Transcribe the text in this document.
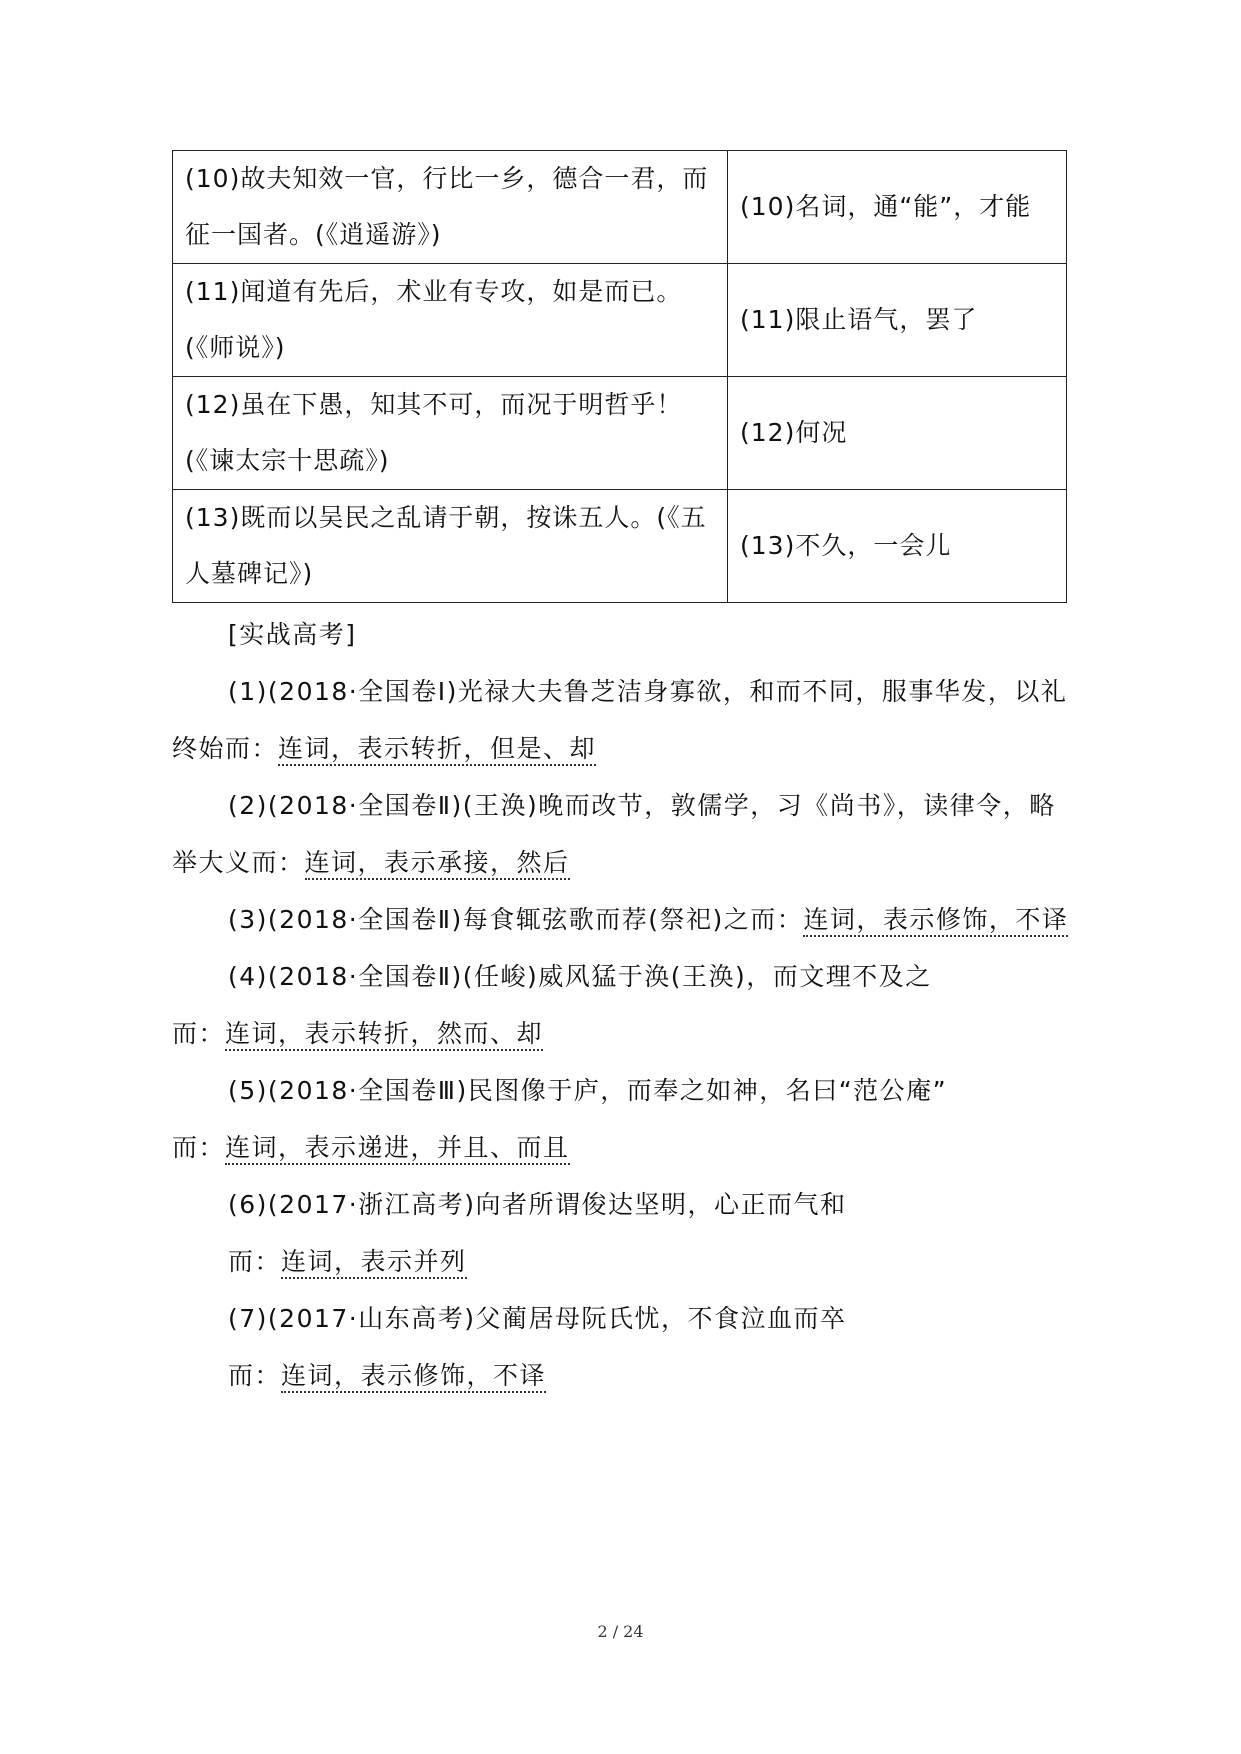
(10)故夫知效一官，行比一乡，德合一君，而征一国者。(《逍遥游》)	(10)名词，通“能”，才能
(11)闻道有先后，术业有专攻，如是而已。(《师说》)	(11)限止语气，罢了
(12)虽在下愚，知其不可，而况于明哲乎！(《谏太宗十思疏》)	(12)何况
(13)既而以吴民之乱请于朝，按诛五人。(《五人墓碑记》)	(13)不久，一会儿

[实战高考]

(1)(2018·全国卷Ⅰ)光禄大夫鲁芝洁身寡欲，和而不同，服事华发，以礼终始而：连词，表示转折，但是、却

(2)(2018·全国卷Ⅱ)(王涣)晚而改节，敦儒学，习《尚书》，读律令，略举大义而：连词，表示承接，然后

(3)(2018·全国卷Ⅱ)每食辄弦歌而荐(祭祀)之而：连词，表示修饰，不译

(4)(2018·全国卷Ⅱ)(任峻)威风猛于涣(王涣)，而文理不及之

而：连词，表示转折，然而、却

(5)(2018·全国卷Ⅲ)民图像于庐，而奉之如神，名曰“范公庵”

而：连词，表示递进，并且、而且

(6)(2017·浙江高考)向者所谓俊达坚明，心正而气和

而：连词，表示并列

(7)(2017·山东高考)父蔺居母阮氏忧，不食泣血而卒

而：连词，表示修饰，不译

2 / 24
